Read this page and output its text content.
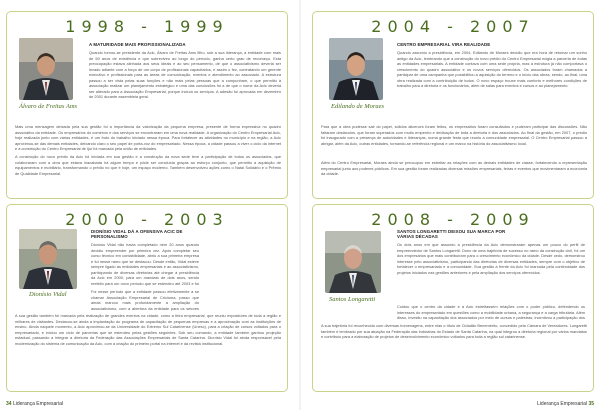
1998 - 1999
Álvaro de Freitas Ams
A MATURIDADE MAIS PROFISSIONALIZADA

Quando tornou-se presidente da Acic, Álvaro de Freitas Ams filho, sob a sua liderança, a entidade com mais de 50 anos de existência e que sobreviveu ao longo do período, ganha certo grau de recomeço. Esta preocupação estava alinhada aos seus ideais e ao seu pensamento, de que o associativismo deveria ser levado adiante com a força de um corpo de profissionais capacitados, e assim o fez, contratando um gerente executivo e profissionais para as áreas de comunicação, eventos e atendimento ao associado. A estrutura passou a ser vista pelas suas funções e não mais pelas pessoas que a compunham, o que permitiu à associação realizar um planejamento estratégico e uma das conclusões foi a de que o nome da Acic deveria ser alterado para a Associação Empresarial, porque incluía os serviços. A adesão foi aprovada em dezembro de 2001 durante assembleia geral.

Mais uma mensagem deixada pela sua gestão foi a importância da valorização da pequena empresa, presente de forma expressiva no quadro associativo da entidade. Os empresários do comércio e dos serviços se encontraram em uma nova realidade. A organização do Centro Empresarial Acic, hoje realizada junto com várias entidades, é um fruto do trabalho iniciado nessa época. Para fortalecer as atividades no município e na região, a Acic aproximou-se das demais entidades, deixando claro o seu papel de porta-voz do empresariado. Nessa época, a cidade passou a viver o ciclo da internet e a construção do Centro Empresarial de Ijuí foi marcada pela união de entidades.

A construção do novo prédio da Acic foi iniciada em sua gestão e a construção da nova sede teve a participação de todos os associados, que colaboraram com a obra que estava inacabada há algum tempo e pôde ser concluída graças ao esforço conjunto, que permitiu a aquisição de equipamentos e mobiliário, transformando o prédio no que é hoje, um espaço moderno. Também desenvolveu ações como o Natal Solidário e o Prêmio de Qualidade Empresarial.

2004 - 2007
Edilando de Moraes
CENTRO EMPRESARIAL VIRA REALIDADE

Quando assumiu a presidência, em 2004, Edilando de Moraes decidiu que era hora de retomar um sonho antigo da Acic, lembrando que a construção do novo prédio do Centro Empresarial exigia a parceria de todas as entidades empresariais. A entidade contava com uma sede própria, mas a estrutura já não comportava o crescimento do quadro associativo e os novos serviços oferecidos. Os associados foram chamados a participar de uma campanha que possibilitou a aquisição do terreno e o início das obras, sendo, ao final, uma obra realizada com a contribuição de todos. O novo espaço trouxe mais conforto e melhores condições de trabalho para a diretoria e os funcionários, além de salas para eventos e cursos e ao planejamento.

Para que a obra pudesse sair do papel, sólidos alicerces foram feitos, os empresários foram consultados e puderam participar das discussões. Não faltaram obstáculos, que foram superados com muito empenho e dedicação de toda a diretoria e dos associados. Ao final da gestão, em 2007, o prédio foi inaugurado com a presença de autoridades e lideranças, numa grande festa que reuniu a comunidade empresarial. O Centro Empresarial passou a abrigar, além da Acic, outras entidades, tornando-se referência regional e um marco na história do associativismo local.

Além do Centro Empresarial, Moraes ainda se preocupou em estreitar as relações com as demais entidades de classe, fortalecendo a representação empresarial junto aos poderes públicos. Em sua gestão foram realizadas diversas missões empresariais, feiras e eventos que movimentaram a economia da cidade.

2000 - 2003
Dionísio Vidal
DIONÍSIO VIDAL DÁ A OFENSIVA ACIC DE PERSONALISMO

Dionísio Vidal não havia completado nem 20 anos quando decidiu empreender por primeira vez. Após completar seu curso técnico em contabilidade, abriu a sua primeira empresa e foi nesse ramo que se destacou. Desde então, Vidal esteve sempre ligado às entidades empresariais e ao associativismo, participando de diversas diretorias até chegar à presidência da Acic em 2000, para um mandato de dois anos, sendo reeleito para um novo período que se estendeu até 2003 e foi

Foi nesse período que a entidade passou efetivamente a se chamar Associação Empresarial de Criciúma, passo que ainda marcou mais profundamente a ampliação do associativismo, com a abertura da entidade para os setores

A sua gestão também foi marcada pela realização de grandes eventos na cidade, como a feira empresarial, que reuniu expositores de toda a região e milhares de visitantes. Destacou-se ainda a implantação do programa de capacitação de pequenas empresas e a aproximação com as instituições de ensino. Ainda naquele momento, a Acic aproximou-se da Universidade do Extremo Sul Catarinense (Unesc), para a criação de cursos voltados para o empresariado, e iniciou um ciclo de parcerias que se estendeu pelas gestões seguintes. Sob seu comando, a entidade também ganhou projeção estadual, passando a integrar a diretoria da Federação das Associações Empresariais de Santa Catarina. Dionísio Vidal foi ainda responsável pela modernização do sistema de comunicação da Acic, com a criação do primeiro portal na internet e da revista institucional.

2008 - 2009
Santos Longaretti
SANTOS LONGARETTI DEIXOU SUA MARCA POR VÁRIAS DÉCADAS

Os dois anos em que assumiu a presidência da Acic demonstraram apenas um pouco do perfil de empreendedor de Santos Longaretti. Dono de uma trajetória de sucesso no ramo da construção civil, foi um dos empresários que mais contribuíram para o crescimento econômico da cidade. Desde cedo, demonstrou interesse pelo associativismo, participando das diretorias de diversas entidades, sempre com o objetivo de fortalecer o empresariado e a comunidade. Sua gestão à frente da Acic foi marcada pela continuidade dos projetos iniciados nas gestões anteriores e pela ampliação dos serviços oferecidos.

Cuidou que o centro da cidade e a Acic estreitassem relações com o poder público, defendendo os interesses do empresariado em questões como a mobilidade urbana, a segurança e a carga tributária. Além disso, investiu na capacitação dos associados por meio de cursos e palestras, incentivou a participação dos

A sua trajetória foi reconhecida com diversas homenagens, entre elas o título de Cidadão Benemérito, concedido pela Câmara de Vereadores. Longaretti também é lembrado por sua atuação na Federação das Indústrias do Estado de Santa Catarina, na qual integrou a diretoria regional por vários mandatos e contribuiu para a elaboração de projetos de desenvolvimento econômico voltados para toda a região sul catarinense.

34 Liderança Empresarial	Liderança Empresarial 35
